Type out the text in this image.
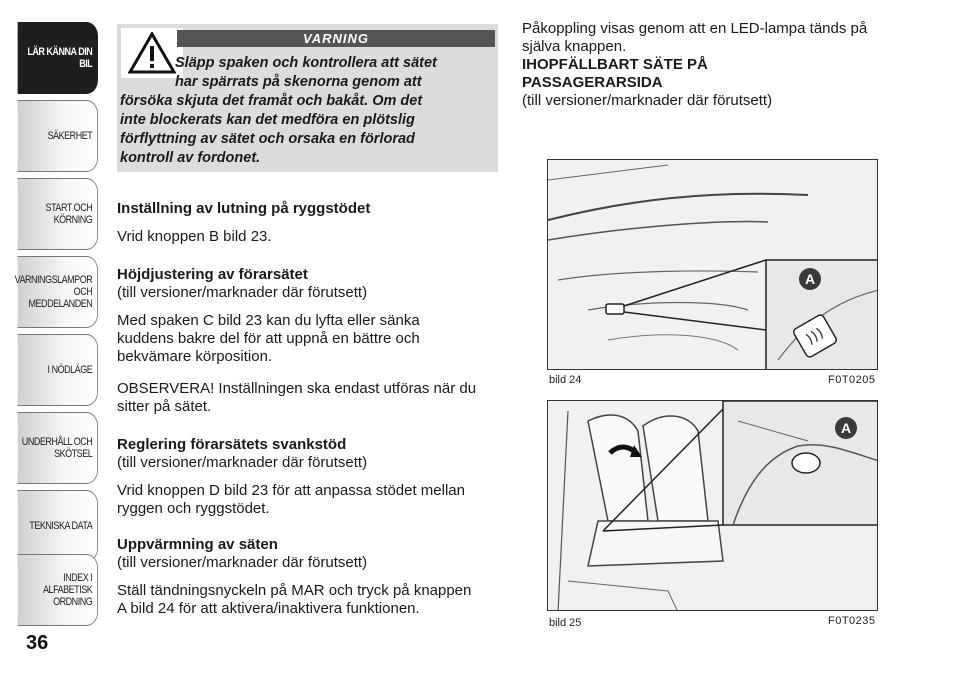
LÄR KÄNNA DIN
BIL
SÄKERHET
START OCH
KÖRNING
VARNINGSLAMPOR
OCH
MEDDELANDEN
I NÖDLÄGE
UNDERHÅLL OCH
SKÖTSEL
TEKNISKA DATA
INDEX I ALFABETISK
ORDNING
36
VARNING
Släpp spaken och kontrollera att sätet
har spärrats på skenorna genom att
försöka skjuta det framåt och bakåt. Om det
inte blockerats kan det medföra en plötslig
förflyttning av sätet och orsaka en förlorad
kontroll av fordonet.

Inställning av lutning på ryggstödet

Vrid knoppen B bild 23.

Höjdjustering av förarsätet

(till versioner/marknader där förutsett)

Med spaken C bild 23 kan du lyfta eller sänka
kuddens bakre del för att uppnå en bättre och
bekvämare körposition.

OBSERVERA! Inställningen ska endast utföras när du
sitter på sätet.

Reglering förarsätets svankstöd

(till versioner/marknader där förutsett)

Vrid knoppen D bild 23 för att anpassa stödet mellan
ryggen och ryggstödet.

Uppvärmning av säten

(till versioner/marknader där förutsett)

Ställ tändningsnyckeln på MAR och tryck på knappen
A bild 24 för att aktivera/inaktivera funktionen.

Påkoppling visas genom att en LED-lampa tänds på
själva knappen.

IHOPFÄLLBART SÄTE PÅ
PASSAGERARSIDA

(till versioner/marknader där förutsett)

A
bild 24	F0T0205
A
bild 25	F0T0235
